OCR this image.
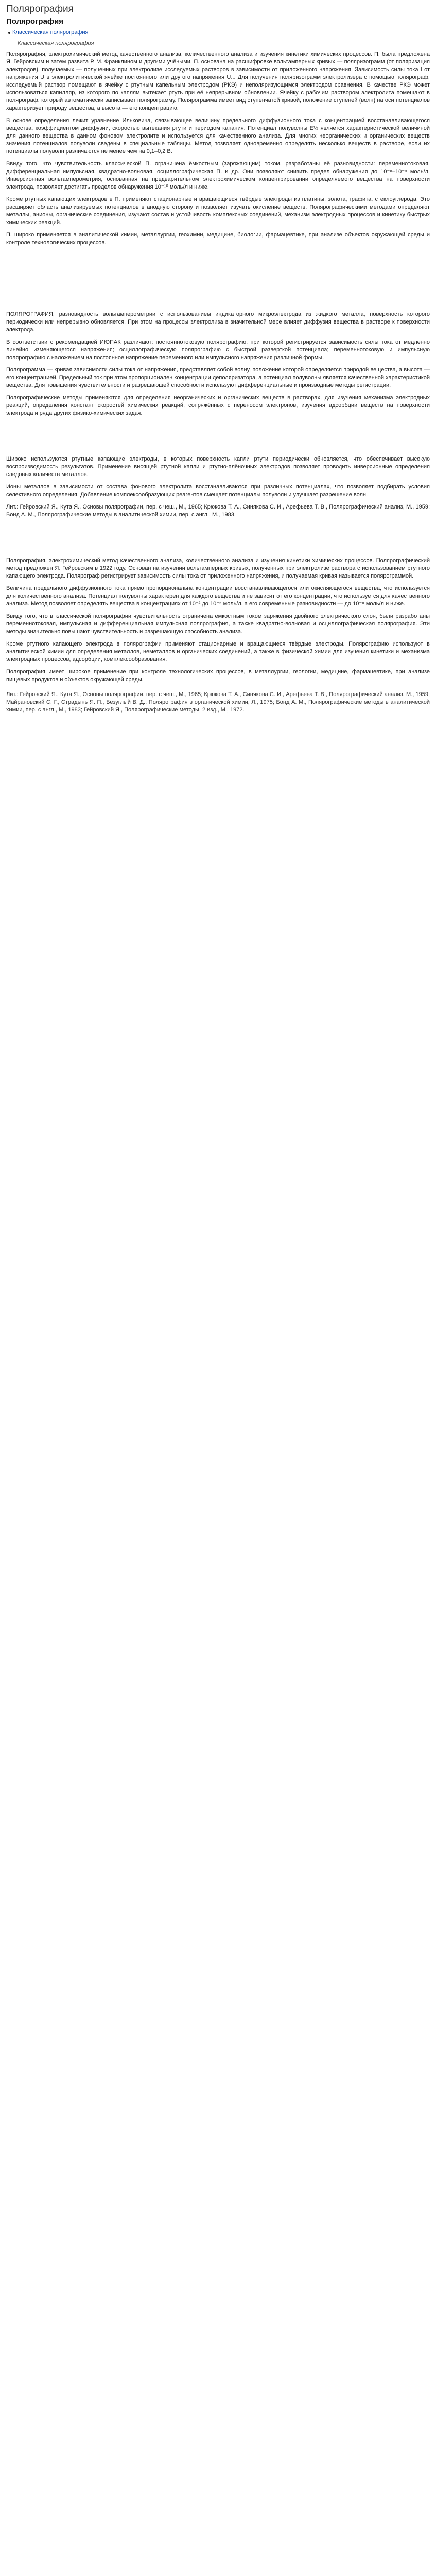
Полярография
Полярография
Классическая полярография
Классическая полярография

Полярография, электрохимический метод качественного анализа, количественного анализа и изучения кинетики химических процессов. П. была предложена Я. Гейровским и затем развита Р. М. Франклином и другими учёными. П. основана на расшифровке вольтамперных кривых — поляризограмм (от поляризация электродов), получаемых — полученных при электролизе исследуемых растворов в зависимости от приложенного напряжения. Зависимость силы тока I от напряжения U в электролитической ячейке постоянного или другого напряжения U... Для получения поляризограмм электролизера с помощью полярограф, исследуемый раствор помещают в ячейку с ртутным капельным электродом (РКЭ) и неполяризующимся электродом сравнения. В качестве РКЭ может использоваться капилляр, из которого по каплям вытекает ртуть при её непрерывном обновлении. Ячейку с рабочим раствором электролита помещают в полярограф, который автоматически записывает полярограмму. Полярограмма имеет вид ступенчатой кривой, положение ступеней (волн) на оси потенциалов характеризует природу вещества, а высота — его концентрацию.

В основе определения лежит уравнение Ильковича, связывающее величину предельного диффузионного тока с концентрацией восстанавливающегося вещества, коэффициентом диффузии, скоростью вытекания ртути и периодом капания. Потенциал полуволны E½ является характеристической величиной для данного вещества в данном фоновом электролите и используется для качественного анализа. Для многих неорганических и органических веществ значения потенциалов полуволн сведены в специальные таблицы. Метод позволяет одновременно определять несколько веществ в растворе, если их потенциалы полуволн различаются не менее чем на 0,1–0,2 В.

Ввиду того, что чувствительность классической П. ограничена ёмкостным (заряжающим) током, разработаны её разновидности: переменнотоковая, дифференциальная импульсная, квадратно-волновая, осциллографическая П. и др. Они позволяют снизить предел обнаружения до 10⁻⁸–10⁻⁹ моль/л. Инверсионная вольтамперометрия, основанная на предварительном электрохимическом концентрировании определяемого вещества на поверхности электрода, позволяет достигать пределов обнаружения 10⁻¹⁰ моль/л и ниже.

Кроме ртутных капающих электродов в П. применяют стационарные и вращающиеся твёрдые электроды из платины, золота, графита, стеклоуглерода. Это расширяет область анализируемых потенциалов в анодную сторону и позволяет изучать окисление веществ. Полярографическими методами определяют металлы, анионы, органические соединения, изучают состав и устойчивость комплексных соединений, механизм электродных процессов и кинетику быстрых химических реакций.

П. широко применяется в аналитической химии, металлургии, геохимии, медицине, биологии, фармацевтике, при анализе объектов окружающей среды и контроле технологических процессов.

ПОЛЯРОГРАФИЯ, разновидность вольтамперометрии с использованием индикаторного микроэлектрода из жидкого металла, поверхность которого периодически или непрерывно обновляется. При этом на процессы электролиза в значительной мере влияет диффузия вещества в растворе к поверхности электрода.

В соответствии с рекомендацией ИЮПАК различают: постояннотоковую полярографию, при которой регистрируется зависимость силы тока от медленно линейно изменяющегося напряжения; осциллографическую полярографию с быстрой разверткой потенциала; переменнотоковую и импульсную полярографию с наложением на постоянное напряжение переменного или импульсного напряжения различной формы.

Полярограмма — кривая зависимости силы тока от напряжения, представляет собой волну, положение которой определяется природой вещества, а высота — его концентрацией. Предельный ток при этом пропорционален концентрации деполяризатора, а потенциал полуволны является качественной характеристикой вещества. Для повышения чувствительности и разрешающей способности используют дифференциальные и производные методы регистрации.

Полярографические методы применяются для определения неорганических и органических веществ в растворах, для изучения механизма электродных реакций, определения констант скоростей химических реакций, сопряжённых с переносом электронов, изучения адсорбции веществ на поверхности электрода и ряда других физико-химических задач.

Широко используются ртутные капающие электроды, в которых поверхность капли ртути периодически обновляется, что обеспечивает высокую воспроизводимость результатов. Применение висящей ртутной капли и ртутно-плёночных электродов позволяет проводить инверсионные определения следовых количеств металлов.

Ионы металлов в зависимости от состава фонового электролита восстанавливаются при различных потенциалах, что позволяет подбирать условия селективного определения. Добавление комплексообразующих реагентов смещает потенциалы полуволн и улучшает разрешение волн.

Лит.: Гейровский Я., Кута Я., Основы полярографии, пер. с чеш., М., 1965; Крюкова Т. А., Синякова С. И., Арефьева Т. В., Полярографический анализ, М., 1959; Бонд А. М., Полярографические методы в аналитической химии, пер. с англ., М., 1983.

Полярография, электрохимический метод качественного анализа, количественного анализа и изучения кинетики химических процессов. Полярографический метод предложен Я. Гейровским в 1922 году. Основан на изучении вольтамперных кривых, полученных при электролизе раствора с использованием ртутного капающего электрода. Полярограф регистрирует зависимость силы тока от приложенного напряжения, и получаемая кривая называется полярограммой.

Величина предельного диффузионного тока прямо пропорциональна концентрации восстанавливающегося или окисляющегося вещества, что используется для количественного анализа. Потенциал полуволны характерен для каждого вещества и не зависит от его концентрации, что используется для качественного анализа. Метод позволяет определять вещества в концентрациях от 10⁻² до 10⁻⁵ моль/л, а его современные разновидности — до 10⁻⁸ моль/л и ниже.

Ввиду того, что в классической полярографии чувствительность ограничена ёмкостным током заряжения двойного электрического слоя, были разработаны переменнотоковая, импульсная и дифференциальная импульсная полярография, а также квадратно-волновая и осциллографическая полярография. Эти методы значительно повышают чувствительность и разрешающую способность анализа.

Кроме ртутного капающего электрода в полярографии применяют стационарные и вращающиеся твёрдые электроды. Полярографию используют в аналитической химии для определения металлов, неметаллов и органических соединений, а также в физической химии для изучения кинетики и механизма электродных процессов, адсорбции, комплексообразования.

Полярография имеет широкое применение при контроле технологических процессов, в металлургии, геологии, медицине, фармацевтике, при анализе пищевых продуктов и объектов окружающей среды.

Лит.: Гейровский Я., Кута Я., Основы полярографии, пер. с чеш., М., 1965; Крюкова Т. А., Синякова С. И., Арефьева Т. В., Полярографический анализ, М., 1959; Майрановский С. Г., Страдынь Я. П., Безуглый В. Д., Полярография в органической химии, Л., 1975; Бонд А. М., Полярографические методы в аналитической химии, пер. с англ., М., 1983; Гейровский Я., Полярографические методы, 2 изд., М., 1972.
